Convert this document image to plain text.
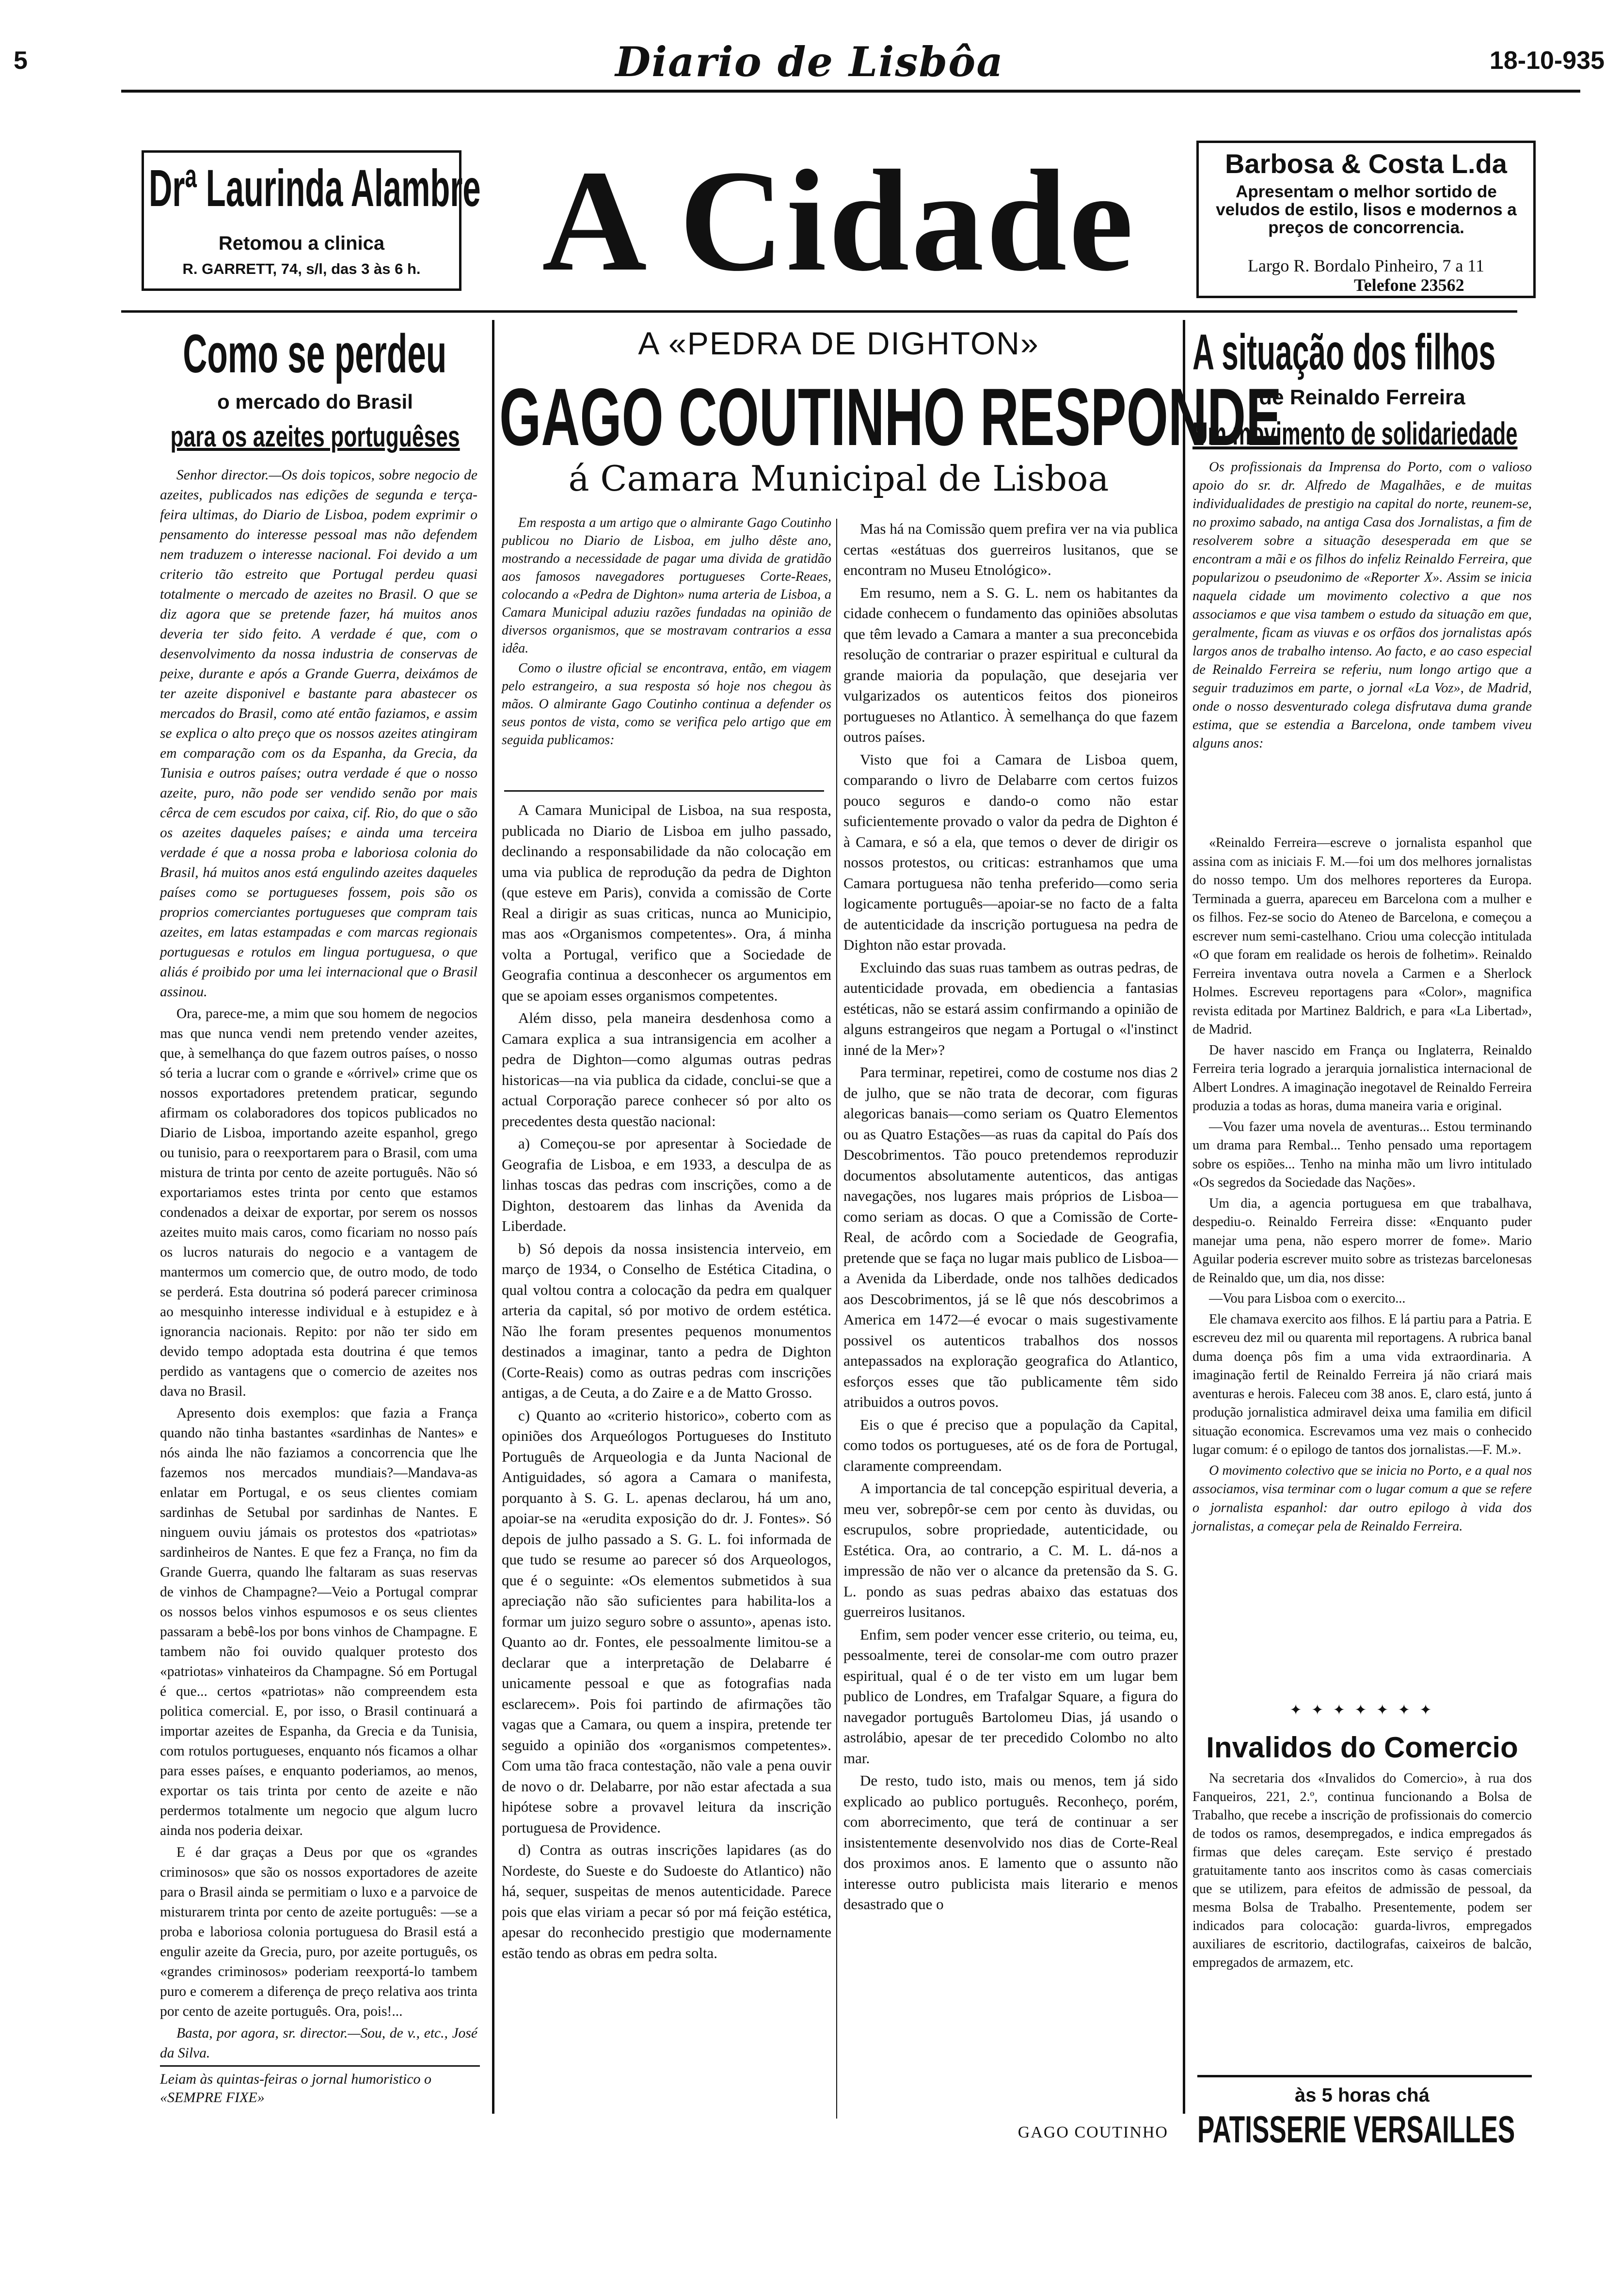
5	Diario de Lisbôa	18-10-935
Drª Laurinda Alambre
Retomou a clinica
R. GARRETT, 74, s/l, das 3 às 6 h. A Cidade	Barbosa & Costa L.da
Apresentam o melhor sortido de veludos de estilo, lisos e modernos a preços de concorrencia.
Largo R. Bordalo Pinheiro, 7 a 11
Telefone 23562
Como se perdeu
o mercado do Brasil
para os azeites portuguêses

Senhor director.—Os dois topicos, sobre negocio de azeites, publicados nas edições de segunda e terça-feira ultimas, do Diario de Lisboa, podem exprimir o pensamento do interesse pessoal mas não defendem nem traduzem o interesse nacional. Foi devido a um criterio tão estreito que Portugal perdeu quasi totalmente o mercado de azeites no Brasil. O que se diz agora que se pretende fazer, há muitos anos deveria ter sido feito. A verdade é que, com o desenvolvimento da nossa industria de conservas de peixe, durante e após a Grande Guerra, deixámos de ter azeite disponivel e bastante para abastecer os mercados do Brasil, como até então faziamos, e assim se explica o alto preço que os nossos azeites atingiram em comparação com os da Espanha, da Grecia, da Tunisia e outros países; outra verdade é que o nosso azeite, puro, não pode ser vendido senão por mais cêrca de cem escudos por caixa, cif. Rio, do que o são os azeites daqueles países; e ainda uma terceira verdade é que a nossa proba e laboriosa colonia do Brasil, há muitos anos está engulindo azeites daqueles países como se portugueses fossem, pois são os proprios comerciantes portugueses que compram tais azeites, em latas estampadas e com marcas regionais portuguesas e rotulos em lingua portuguesa, o que aliás é proibido por uma lei internacional que o Brasil assinou.

Ora, parece-me, a mim que sou homem de negocios mas que nunca vendi nem pretendo vender azeites, que, à semelhança do que fazem outros países, o nosso só teria a lucrar com o grande e «órrivel» crime que os nossos exportadores pretendem praticar, segundo afirmam os colaboradores dos topicos publicados no Diario de Lisboa, importando azeite espanhol, grego ou tunisio, para o reexportarem para o Brasil, com uma mistura de trinta por cento de azeite português. Não só exportariamos estes trinta por cento que estamos condenados a deixar de exportar, por serem os nossos azeites muito mais caros, como ficariam no nosso país os lucros naturais do negocio e a vantagem de mantermos um comercio que, de outro modo, de todo se perderá. Esta doutrina só poderá parecer criminosa ao mesquinho interesse individual e à estupidez e à ignorancia nacionais. Repito: por não ter sido em devido tempo adoptada esta doutrina é que temos perdido as vantagens que o comercio de azeites nos dava no Brasil.

Apresento dois exemplos: que fazia a França quando não tinha bastantes «sardinhas de Nantes» e nós ainda lhe não faziamos a concorrencia que lhe fazemos nos mercados mundiais?—Mandava-as enlatar em Portugal, e os seus clientes comiam sardinhas de Setubal por sardinhas de Nantes. E ninguem ouviu jámais os protestos dos «patriotas» sardinheiros de Nantes. E que fez a França, no fim da Grande Guerra, quando lhe faltaram as suas reservas de vinhos de Champagne?—Veio a Portugal comprar os nossos belos vinhos espumosos e os seus clientes passaram a bebê-los por bons vinhos de Champagne. E tambem não foi ouvido qualquer protesto dos «patriotas» vinhateiros da Champagne. Só em Portugal é que... certos «patriotas» não compreendem esta politica comercial. E, por isso, o Brasil continuará a importar azeites de Espanha, da Grecia e da Tunisia, com rotulos portugueses, enquanto nós ficamos a olhar para esses países, e enquanto poderiamos, ao menos, exportar os tais trinta por cento de azeite e não perdermos totalmente um negocio que algum lucro ainda nos poderia deixar.

E é dar graças a Deus por que os «grandes criminosos» que são os nossos exportadores de azeite para o Brasil ainda se permitiam o luxo e a parvoice de misturarem trinta por cento de azeite português: —se a proba e laboriosa colonia portuguesa do Brasil está a engulir azeite da Grecia, puro, por azeite português, os «grandes criminosos» poderiam reexportá-lo tambem puro e comerem a diferença de preço relativa aos trinta por cento de azeite português. Ora, pois!...

Basta, por agora, sr. director.—Sou, de v., etc., José da Silva.

Leiam às quintas-feiras o jornal humoristico o «SEMPRE FIXE»
A «PEDRA DE DIGHTON»
GAGO COUTINHO RESPONDE
á Camara Municipal de Lisboa

Em resposta a um artigo que o almirante Gago Coutinho publicou no Diario de Lisboa, em julho dêste ano, mostrando a necessidade de pagar uma divida de gratidão aos famosos navegadores portugueses Corte-Reaes, colocando a «Pedra de Dighton» numa arteria de Lisboa, a Camara Municipal aduziu razões fundadas na opinião de diversos organismos, que se mostravam contrarios a essa idêa.

Como o ilustre oficial se encontrava, então, em viagem pelo estrangeiro, a sua resposta só hoje nos chegou às mãos. O almirante Gago Coutinho continua a defender os seus pontos de vista, como se verifica pelo artigo que em seguida publicamos:

A Camara Municipal de Lisboa, na sua resposta, publicada no Diario de Lisboa em julho passado, declinando a responsabilidade da não colocação em uma via publica de reprodução da pedra de Dighton (que esteve em Paris), convida a comissão de Corte Real a dirigir as suas criticas, nunca ao Municipio, mas aos «Organismos competentes». Ora, á minha volta a Portugal, verifico que a Sociedade de Geografia continua a desconhecer os argumentos em que se apoiam esses organismos competentes.

Além disso, pela maneira desdenhosa como a Camara explica a sua intransigencia em acolher a pedra de Dighton—como algumas outras pedras historicas—na via publica da cidade, conclui-se que a actual Corporação parece conhecer só por alto os precedentes desta questão nacional:

a) Começou-se por apresentar à Sociedade de Geografia de Lisboa, e em 1933, a desculpa de as linhas toscas das pedras com inscrições, como a de Dighton, destoarem das linhas da Avenida da Liberdade.

b) Só depois da nossa insistencia interveio, em março de 1934, o Conselho de Estética Citadina, o qual voltou contra a colocação da pedra em qualquer arteria da capital, só por motivo de ordem estética. Não lhe foram presentes pequenos monumentos destinados a imaginar, tanto a pedra de Dighton (Corte-Reais) como as outras pedras com inscrições antigas, a de Ceuta, a do Zaire e a de Matto Grosso.

c) Quanto ao «criterio historico», coberto com as opiniões dos Arqueólogos Portugueses do Instituto Português de Arqueologia e da Junta Nacional de Antiguidades, só agora a Camara o manifesta, porquanto à S. G. L. apenas declarou, há um ano, apoiar-se na «erudita exposição do dr. J. Fontes». Só depois de julho passado a S. G. L. foi informada de que tudo se resume ao parecer só dos Arqueologos, que é o seguinte: «Os elementos submetidos à sua apreciação não são suficientes para habilita-los a formar um juizo seguro sobre o assunto», apenas isto. Quanto ao dr. Fontes, ele pessoalmente limitou-se a declarar que a interpretação de Delabarre é unicamente pessoal e que as fotografias nada esclarecem». Pois foi partindo de afirmações tão vagas que a Camara, ou quem a inspira, pretende ter seguido a opinião dos «organismos competentes». Com uma tão fraca contestação, não vale a pena ouvir de novo o dr. Delabarre, por não estar afectada a sua hipótese sobre a provavel leitura da inscrição portuguesa de Providence.

d) Contra as outras inscrições lapidares (as do Nordeste, do Sueste e do Sudoeste do Atlantico) não há, sequer, suspeitas de menos autenticidade. Parece pois que elas viriam a pecar só por má feição estética, apesar do reconhecido prestigio que modernamente estão tendo as obras em pedra solta.

Mas há na Comissão quem prefira ver na via publica certas «estátuas dos guerreiros lusitanos, que se encontram no Museu Etnológico».

Em resumo, nem a S. G. L. nem os habitantes da cidade conhecem o fundamento das opiniões absolutas que têm levado a Camara a manter a sua preconcebida resolução de contrariar o prazer espiritual e cultural da grande maioria da população, que desejaria ver vulgarizados os autenticos feitos dos pioneiros portugueses no Atlantico. À semelhança do que fazem outros países.

Visto que foi a Camara de Lisboa quem, comparando o livro de Delabarre com certos fuizos pouco seguros e dando-o como não estar suficientemente provado o valor da pedra de Dighton é à Camara, e só a ela, que temos o dever de dirigir os nossos protestos, ou criticas: estranhamos que uma Camara portuguesa não tenha preferido—como seria logicamente português—apoiar-se no facto de a falta de autenticidade da inscrição portuguesa na pedra de Dighton não estar provada.

Excluindo das suas ruas tambem as outras pedras, de autenticidade provada, em obediencia a fantasias estéticas, não se estará assim confirmando a opinião de alguns estrangeiros que negam a Portugal o «l'instinct inné de la Mer»?

Para terminar, repetirei, como de costume nos dias 2 de julho, que se não trata de decorar, com figuras alegoricas banais—como seriam os Quatro Elementos ou as Quatro Estações—as ruas da capital do País dos Descobrimentos. Tão pouco pretendemos reproduzir documentos absolutamente autenticos, das antigas navegações, nos lugares mais próprios de Lisboa—como seriam as docas. O que a Comissão de Corte-Real, de acôrdo com a Sociedade de Geografia, pretende que se faça no lugar mais publico de Lisboa—a Avenida da Liberdade, onde nos talhões dedicados aos Descobrimentos, já se lê que nós descobrimos a America em 1472—é evocar o mais sugestivamente possivel os autenticos trabalhos dos nossos antepassados na exploração geografica do Atlantico, esforços esses que tão publicamente têm sido atribuidos a outros povos.

Eis o que é preciso que a população da Capital, como todos os portugueses, até os de fora de Portugal, claramente compreendam.

A importancia de tal concepção espiritual deveria, a meu ver, sobrepôr-se cem por cento às duvidas, ou escrupulos, sobre propriedade, autenticidade, ou Estética. Ora, ao contrario, a C. M. L. dá-nos a impressão de não ver o alcance da pretensão da S. G. L. pondo as suas pedras abaixo das estatuas dos guerreiros lusitanos.

Enfim, sem poder vencer esse criterio, ou teima, eu, pessoalmente, terei de consolar-me com outro prazer espiritual, qual é o de ter visto em um lugar bem publico de Londres, em Trafalgar Square, a figura do navegador português Bartolomeu Dias, já usando o astrolábio, apesar de ter precedido Colombo no alto mar.

De resto, tudo isto, mais ou menos, tem já sido explicado ao publico português. Reconheço, porém, com aborrecimento, que terá de continuar a ser insistentemente desenvolvido nos dias de Corte-Real dos proximos anos. E lamento que o assunto não interesse outro publicista mais literario e menos desastrado que o

GAGO COUTINHO
A situação dos filhos
de Reinaldo Ferreira
Um movimento de solidariedade

Os profissionais da Imprensa do Porto, com o valioso apoio do sr. dr. Alfredo de Magalhães, e de muitas individualidades de prestigio na capital do norte, reunem-se, no proximo sabado, na antiga Casa dos Jornalistas, a fim de resolverem sobre a situação desesperada em que se encontram a mãi e os filhos do infeliz Reinaldo Ferreira, que popularizou o pseudonimo de «Reporter X». Assim se inicia naquela cidade um movimento colectivo a que nos associamos e que visa tambem o estudo da situação em que, geralmente, ficam as viuvas e os orfãos dos jornalistas após largos anos de trabalho intenso. Ao facto, e ao caso especial de Reinaldo Ferreira se referiu, num longo artigo que a seguir traduzimos em parte, o jornal «La Voz», de Madrid, onde o nosso desventurado colega disfrutava duma grande estima, que se estendia a Barcelona, onde tambem viveu alguns anos:

«Reinaldo Ferreira—escreve o jornalista espanhol que assina com as iniciais F. M.—foi um dos melhores jornalistas do nosso tempo. Um dos melhores reporteres da Europa. Terminada a guerra, apareceu em Barcelona com a mulher e os filhos. Fez-se socio do Ateneo de Barcelona, e começou a escrever num semi-castelhano. Criou uma colecção intitulada «O que foram em realidade os herois de folhetim». Reinaldo Ferreira inventava outra novela a Carmen e a Sherlock Holmes. Escreveu reportagens para «Color», magnifica revista editada por Martinez Baldrich, e para «La Libertad», de Madrid.

De haver nascido em França ou Inglaterra, Reinaldo Ferreira teria logrado a jerarquia jornalistica internacional de Albert Londres. A imaginação inegotavel de Reinaldo Ferreira produzia a todas as horas, duma maneira varia e original.

—Vou fazer uma novela de aventuras... Estou terminando um drama para Rembal... Tenho pensado uma reportagem sobre os espiões... Tenho na minha mão um livro intitulado «Os segredos da Sociedade das Nações».

Um dia, a agencia portuguesa em que trabalhava, despediu-o. Reinaldo Ferreira disse: «Enquanto puder manejar uma pena, não espero morrer de fome». Mario Aguilar poderia escrever muito sobre as tristezas barcelonesas de Reinaldo que, um dia, nos disse:

—Vou para Lisboa com o exercito...

Ele chamava exercito aos filhos. E lá partiu para a Patria. E escreveu dez mil ou quarenta mil reportagens. A rubrica banal duma doença pôs fim a uma vida extraordinaria. A imaginação fertil de Reinaldo Ferreira já não criará mais aventuras e herois. Faleceu com 38 anos. E, claro está, junto á produção jornalistica admiravel deixa uma familia em dificil situação economica. Escrevamos uma vez mais o conhecido lugar comum: é o epilogo de tantos dos jornalistas.—F. M.».

O movimento colectivo que se inicia no Porto, e a qual nos associamos, visa terminar com o lugar comum a que se refere o jornalista espanhol: dar outro epilogo à vida dos jornalistas, a começar pela de Reinaldo Ferreira.

✦ ✦ ✦ ✦ ✦ ✦ ✦
Invalidos do Comercio

Na secretaria dos «Invalidos do Comercio», à rua dos Fanqueiros, 221, 2.º, continua funcionando a Bolsa de Trabalho, que recebe a inscrição de profissionais do comercio de todos os ramos, desempregados, e indica empregados ás firmas que deles careçam. Este serviço é prestado gratuitamente tanto aos inscritos como às casas comerciais que se utilizem, para efeitos de admissão de pessoal, da mesma Bolsa de Trabalho. Presentemente, podem ser indicados para colocação: guarda-livros, empregados auxiliares de escritorio, dactilografas, caixeiros de balcão, empregados de armazem, etc.

às 5 horas chá
PATISSERIE VERSAILLES
